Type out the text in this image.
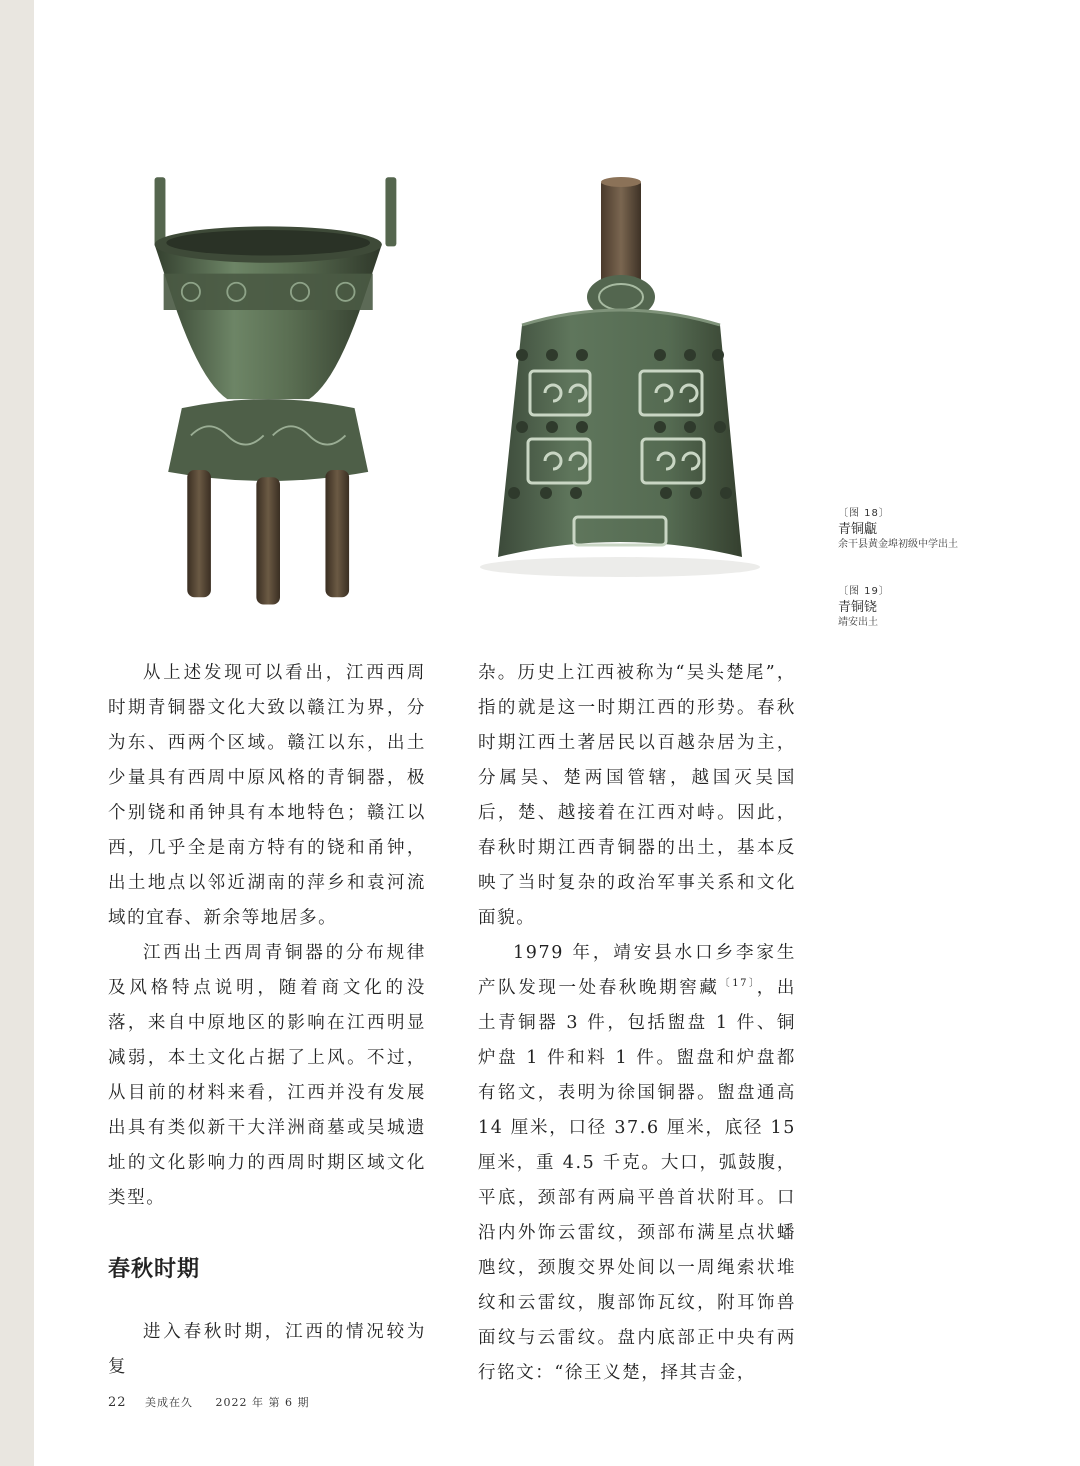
〔图 18〕
青铜甗
余干县黄金埠初级中学出土
〔图 19〕
青铜铙
靖安出土

从上述发现可以看出，江西西周时期青铜器文化大致以赣江为界，分为东、西两个区域。赣江以东，出土少量具有西周中原风格的青铜器，极个别铙和甬钟具有本地特色；赣江以西，几乎全是南方特有的铙和甬钟，出土地点以邻近湖南的萍乡和袁河流域的宜春、新余等地居多。

江西出土西周青铜器的分布规律及风格特点说明，随着商文化的没落，来自中原地区的影响在江西明显减弱，本土文化占据了上风。不过，从目前的材料来看，江西并没有发展出具有类似新干大洋洲商墓或吴城遗址的文化影响力的西周时期区域文化类型。

春秋时期

进入春秋时期，江西的情况较为复

杂。历史上江西被称为“吴头楚尾”，指的就是这一时期江西的形势。春秋时期江西土著居民以百越杂居为主，分属吴、楚两国管辖，越国灭吴国后，楚、越接着在江西对峙。因此，春秋时期江西青铜器的出土，基本反映了当时复杂的政治军事关系和文化面貌。

1979 年，靖安县水口乡李家生产队发现一处春秋晚期窖藏$^{〔17〕}$，出土青铜器 3 件，包括盥盘 1 件、铜炉盘 1 件和料 1 件。盥盘和炉盘都有铭文，表明为徐国铜器。盥盘通高 14 厘米，口径 37.6 厘米，底径 15 厘米，重 4.5 千克。大口，弧鼓腹，平底，颈部有两扁平兽首状附耳。口沿内外饰云雷纹，颈部布满星点状蟠虺纹，颈腹交界处间以一周绳索状堆纹和云雷纹，腹部饰瓦纹，附耳饰兽面纹与云雷纹。盘内底部正中央有两行铭文：“徐王义楚，择其吉金，

22 美成在久 2022 年 第 6 期
